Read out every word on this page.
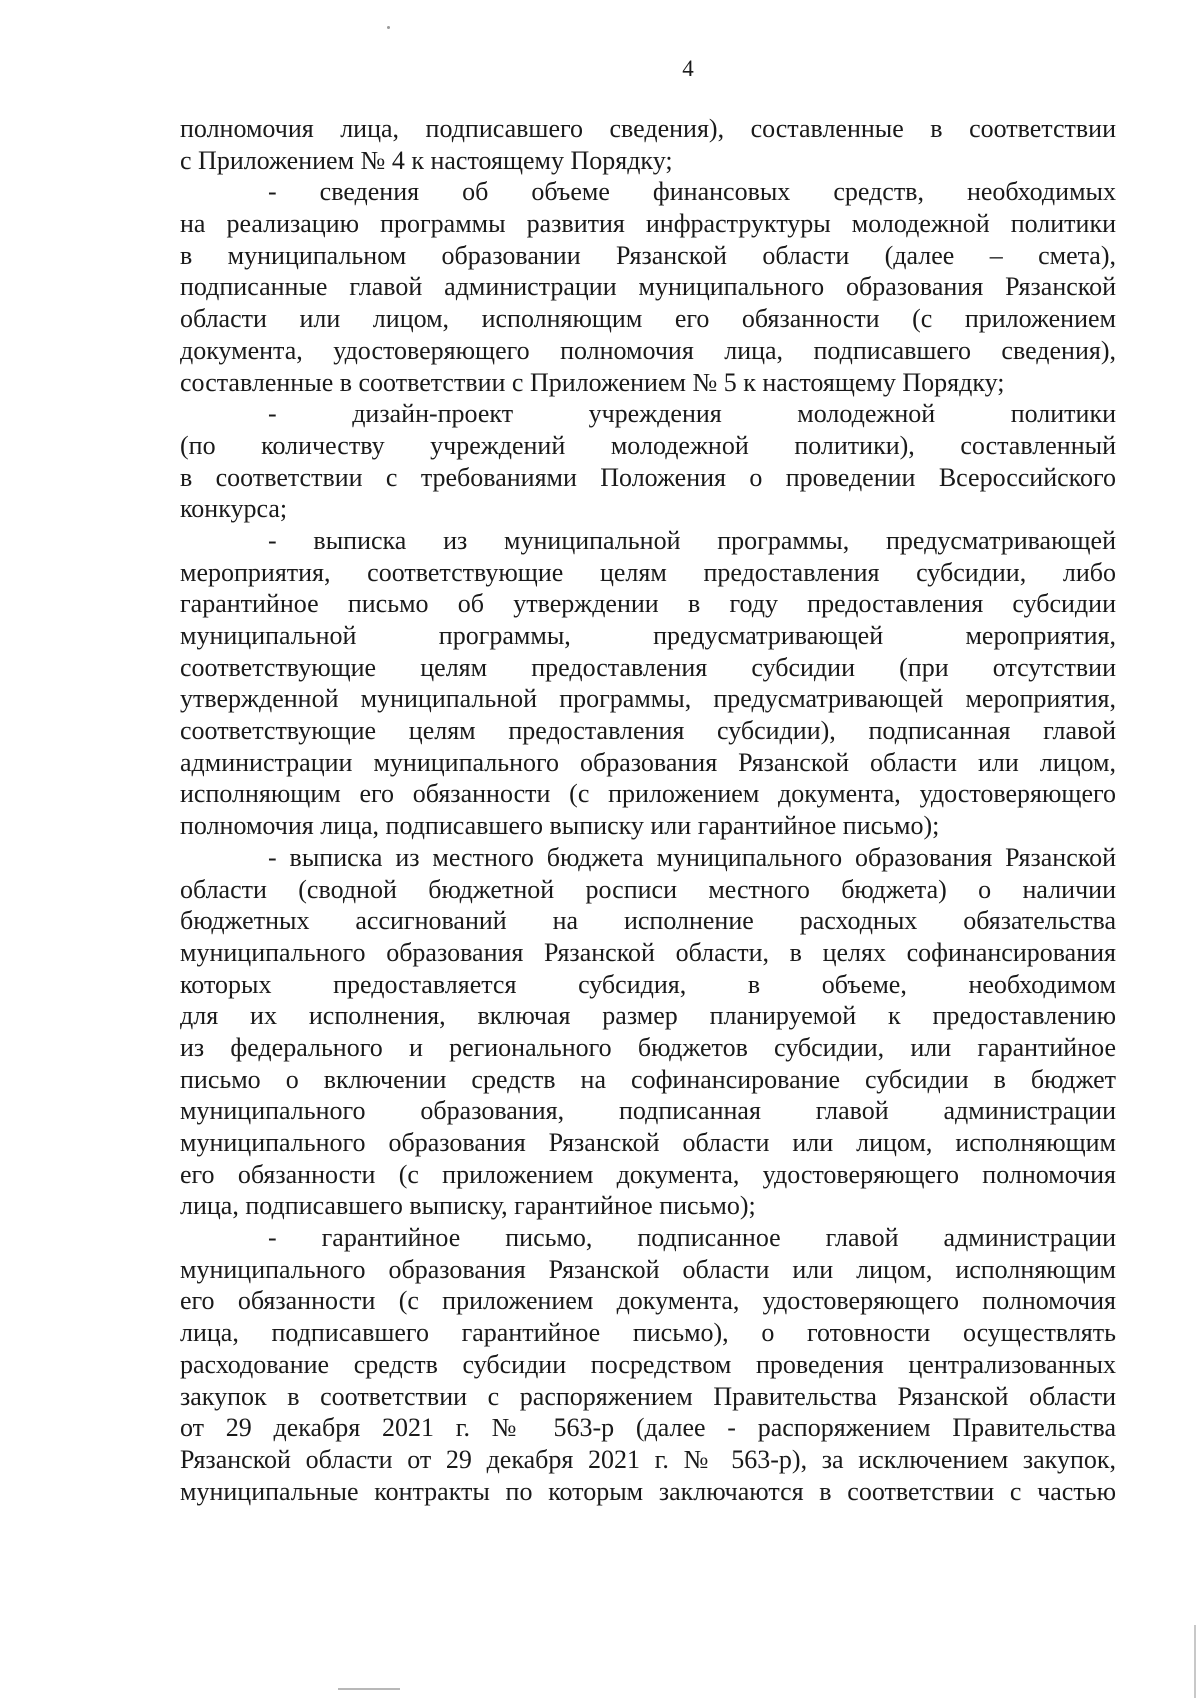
4
полномочия лица, подписавшего сведения), составленные в соответствии
с Приложением № 4 к настоящему Порядку;
- сведения об объеме финансовых средств, необходимых
на реализацию программы развития инфраструктуры молодежной политики
в муниципальном образовании Рязанской области (далее – смета),
подписанные главой администрации муниципального образования Рязанской
области или лицом, исполняющим его обязанности (с приложением
документа, удостоверяющего полномочия лица, подписавшего сведения),
составленные в соответствии с Приложением № 5 к настоящему Порядку;
- дизайн-проект учреждения молодежной политики
(по количеству учреждений молодежной политики), составленный
в соответствии с требованиями Положения о проведении Всероссийского
конкурса;
- выписка из муниципальной программы, предусматривающей
мероприятия, соответствующие целям предоставления субсидии, либо
гарантийное письмо об утверждении в году предоставления субсидии
муниципальной программы, предусматривающей мероприятия,
соответствующие целям предоставления субсидии (при отсутствии
утвержденной муниципальной программы, предусматривающей мероприятия,
соответствующие целям предоставления субсидии), подписанная главой
администрации муниципального образования Рязанской области или лицом,
исполняющим его обязанности (с приложением документа, удостоверяющего
полномочия лица, подписавшего выписку или гарантийное письмо);
- выписка из местного бюджета муниципального образования Рязанской
области (сводной бюджетной росписи местного бюджета) о наличии
бюджетных ассигнований на исполнение расходных обязательства
муниципального образования Рязанской области, в целях софинансирования
которых предоставляется субсидия, в объеме, необходимом
для их исполнения, включая размер планируемой к предоставлению
из федерального и регионального бюджетов субсидии, или гарантийное
письмо о включении средств на софинансирование субсидии в бюджет
муниципального образования, подписанная главой администрации
муниципального образования Рязанской области или лицом, исполняющим
его обязанности (с приложением документа, удостоверяющего полномочия
лица, подписавшего выписку, гарантийное письмо);
- гарантийное письмо, подписанное главой администрации
муниципального образования Рязанской области или лицом, исполняющим
его обязанности (с приложением документа, удостоверяющего полномочия
лица, подписавшего гарантийное письмо), о готовности осуществлять
расходование средств субсидии посредством проведения централизованных
закупок в соответствии с распоряжением Правительства Рязанской области
от 29 декабря 2021 г. № 563-р (далее - распоряжением Правительства
Рязанской области от 29 декабря 2021 г. № 563-р), за исключением закупок,
муниципальные контракты по которым заключаются в соответствии с частью
